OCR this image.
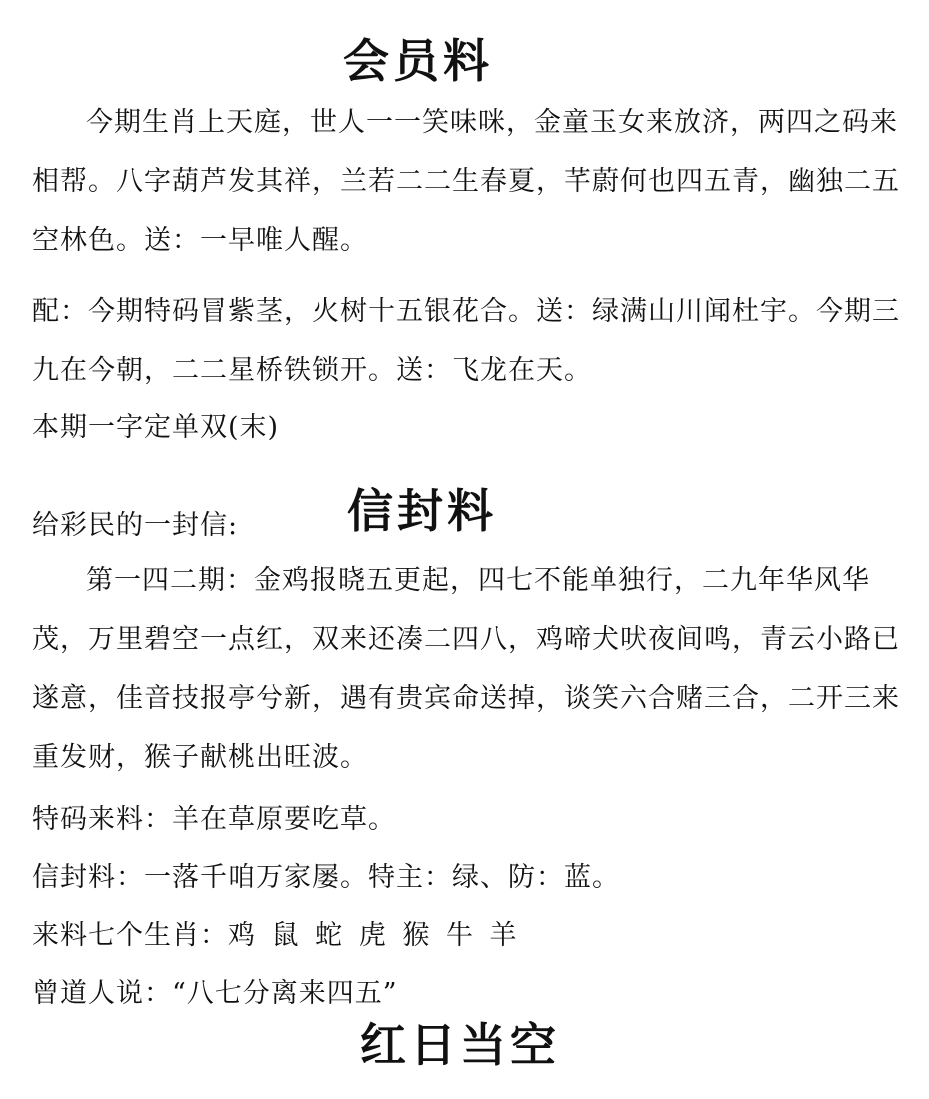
会员料

今期生肖上天庭，世人一一笑味咪，金童玉女来放济，两四之码来相帮。八字葫芦发其祥，兰若二二生春夏，芊蔚何也四五青，幽独二五空林色。送：一早唯人醒。

配：今期特码冒紫茎，火树十五银花合。送：绿满山川闻杜宇。今期三九在今朝，二二星桥铁锁开。送：飞龙在天。

本期一字定单双(末)

给彩民的一封信: 信封料

第一四二期：金鸡报晓五更起，四七不能单独行，二九年华风华茂，万里碧空一点红，双来还凑二四八，鸡啼犬吠夜间鸣，青云小路已遂意，佳音技报亭兮新，遇有贵宾命送掉，谈笑六合赌三合，二开三来重发财，猴子献桃出旺波。

特码来料：羊在草原要吃草。

信封料：一落千咱万家屡。特主：绿、防：蓝。

来料七个生肖：鸡 鼠 蛇 虎 猴 牛 羊

曾道人说：“八七分离来四五”

红日当空
